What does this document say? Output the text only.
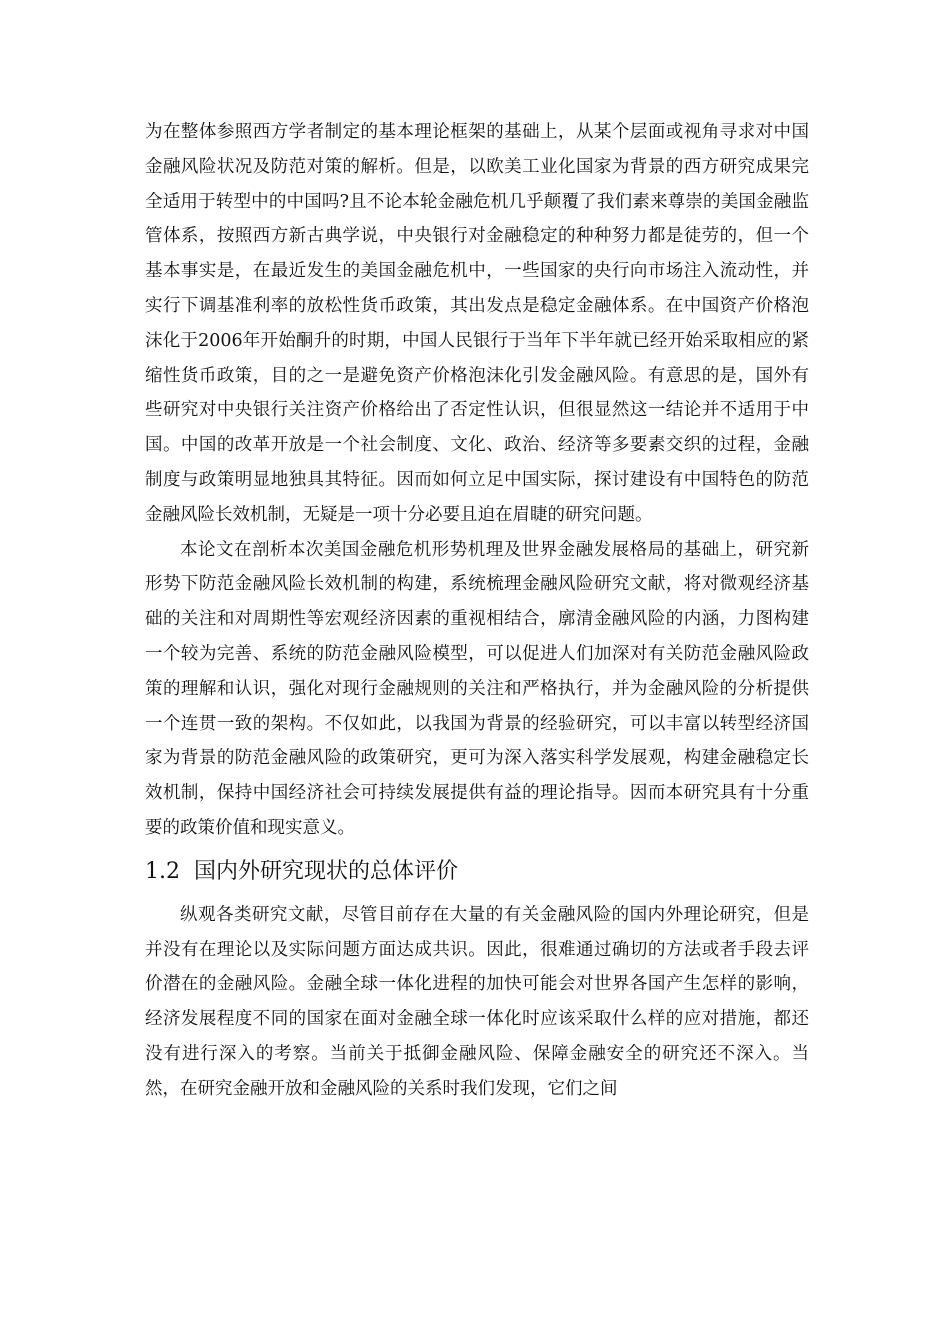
为在整体参照西方学者制定的基本理论框架的基础上，从某个层面或视角寻求对中国金融风险状况及防范对策的解析。但是，以欧美工业化国家为背景的西方研究成果完全适用于转型中的中国吗?且不论本轮金融危机几乎颠覆了我们素来尊崇的美国金融监管体系，按照西方新古典学说，中央银行对金融稳定的种种努力都是徒劳的，但一个基本事实是，在最近发生的美国金融危机中，一些国家的央行向市场注入流动性，并实行下调基准利率的放松性货币政策，其出发点是稳定金融体系。在中国资产价格泡沫化于2006年开始酮升的时期，中国人民银行于当年下半年就已经开始采取相应的紧缩性货币政策，目的之一是避免资产价格泡沫化引发金融风险。有意思的是，国外有些研究对中央银行关注资产价格给出了否定性认识，但很显然这一结论并不适用于中国。中国的改革开放是一个社会制度、文化、政治、经济等多要素交织的过程，金融制度与政策明显地独具其特征。因而如何立足中国实际，探讨建设有中国特色的防范金融风险长效机制，无疑是一项十分必要且迫在眉睫的研究问题。

本论文在剖析本次美国金融危机形势机理及世界金融发展格局的基础上，研究新形势下防范金融风险长效机制的构建，系统梳理金融风险研究文献，将对微观经济基础的关注和对周期性等宏观经济因素的重视相结合，廓清金融风险的内涵，力图构建一个较为完善、系统的防范金融风险模型，可以促进人们加深对有关防范金融风险政策的理解和认识，强化对现行金融规则的关注和严格执行，并为金融风险的分析提供一个连贯一致的架构。不仅如此，以我国为背景的经验研究，可以丰富以转型经济国家为背景的防范金融风险的政策研究，更可为深入落实科学发展观，构建金融稳定长效机制，保持中国经济社会可持续发展提供有益的理论指导。因而本研究具有十分重要的政策价值和现实意义。

1.2 国内外研究现状的总体评价

纵观各类研究文献，尽管目前存在大量的有关金融风险的国内外理论研究，但是并没有在理论以及实际问题方面达成共识。因此，很难通过确切的方法或者手段去评价潜在的金融风险。金融全球一体化进程的加快可能会对世界各国产生怎样的影响，经济发展程度不同的国家在面对金融全球一体化时应该采取什么样的应对措施，都还没有进行深入的考察。当前关于抵御金融风险、保障金融安全的研究还不深入。当然，在研究金融开放和金融风险的关系时我们发现，它们之间
